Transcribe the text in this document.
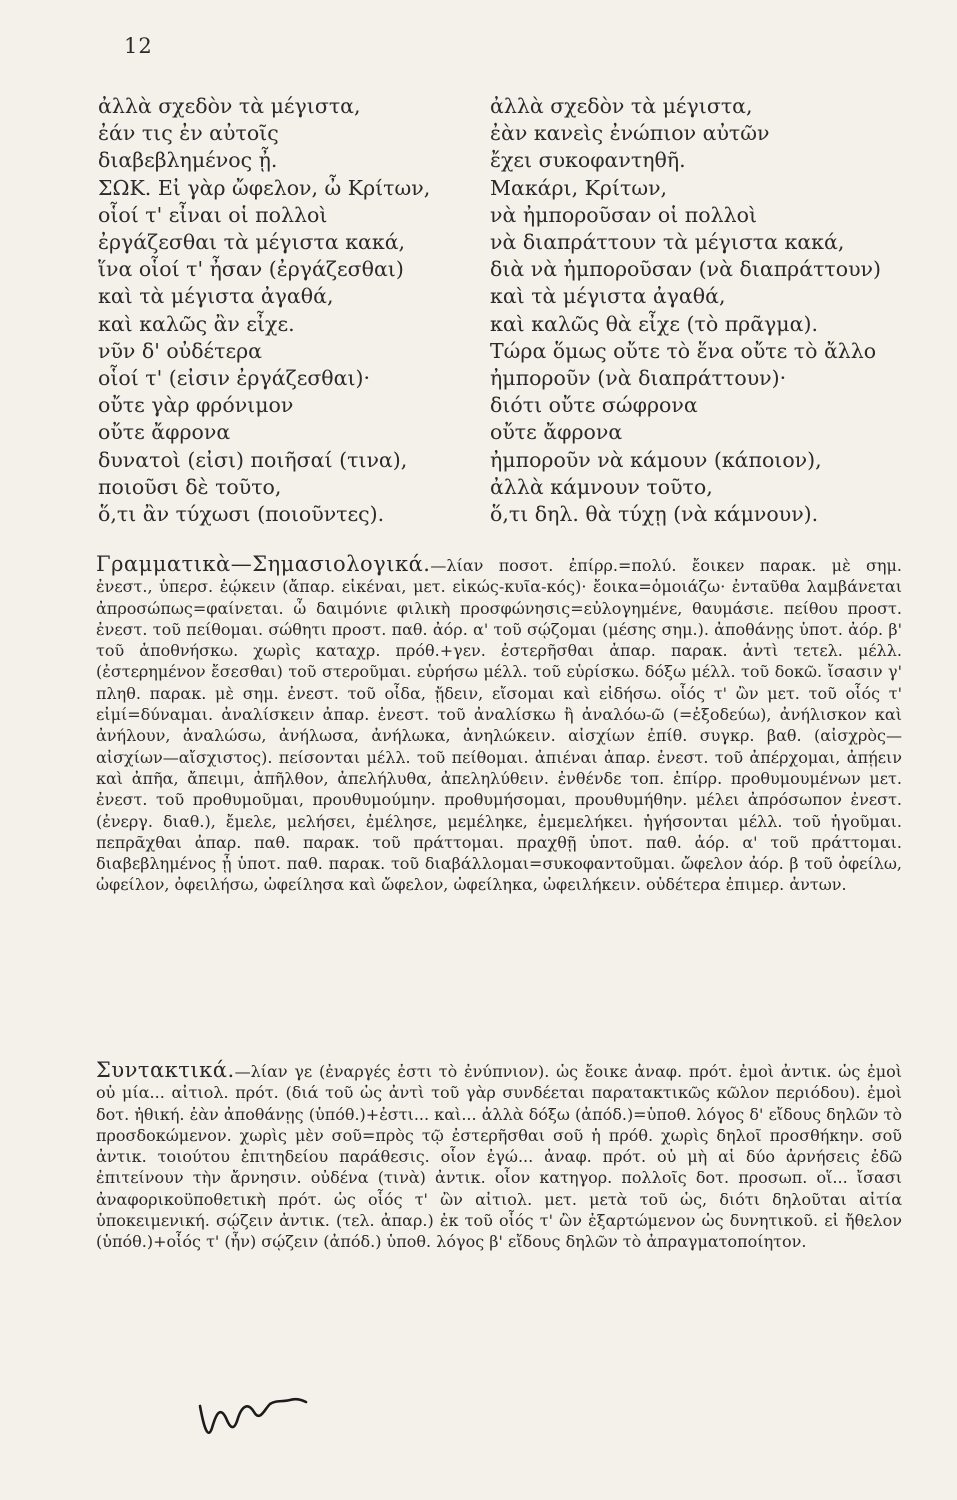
12
ἀλλὰ σχεδὸν τὰ μέγιστα,
ἐάν τις ἐν αὐτοῖς
διαβεβλημένος ᾖ.
ΣΩΚ. Εἰ γὰρ ὤφελον, ὦ Κρίτων,
οἷοί τ' εἶναι οἱ πολλοὶ
ἐργάζεσθαι τὰ μέγιστα κακά,
ἵνα οἷοί τ' ἦσαν (ἐργάζεσθαι)
καὶ τὰ μέγιστα ἀγαθά,
καὶ καλῶς ἂν εἶχε.
νῦν δ' οὐδέτερα
οἷοί τ' (εἰσιν ἐργάζεσθαι)·
οὔτε γὰρ φρόνιμον
οὔτε ἄφρονα
δυνατοὶ (εἰσι) ποιῆσαί (τινα),
ποιοῦσι δὲ τοῦτο,
ὅ,τι ἂν τύχωσι (ποιοῦντες).
ἀλλὰ σχεδὸν τὰ μέγιστα,
ἐὰν κανεὶς ἐνώπιον αὐτῶν
ἔχει συκοφαντηθῆ.
Μακάρι, Κρίτων,
νὰ ἠμποροῦσαν οἱ πολλοὶ
νὰ διαπράττουν τὰ μέγιστα κακά,
διὰ νὰ ἠμποροῦσαν (νὰ διαπράττουν)
καὶ τὰ μέγιστα ἀγαθά,
καὶ καλῶς θὰ εἶχε (τὸ πρᾶγμα).
Τώρα ὅμως οὔτε τὸ ἕνα οὔτε τὸ ἄλλο
ἠμποροῦν (νὰ διαπράττουν)·
διότι οὔτε σώφρονα
οὔτε ἄφρονα
ἠμποροῦν νὰ κάμουν (κάποιον),
ἀλλὰ κάμνουν τοῦτο,
ὅ,τι δηλ. θὰ τύχῃ (νὰ κάμνουν).

Γραμματικὰ—Σημασιολογικά.—λίαν ποσοτ. ἐπίρρ.=πολύ. ἔοικεν παρακ. μὲ σημ. ἐνεστ., ὑπερσ. ἐῴκειν (ἄπαρ. εἰκέναι, μετ. εἰκώς-κυῖα-κός)· ἔοικα=ὁμοιάζω· ἐνταῦθα λαμβάνεται ἀπροσώπως=φαίνεται. ὦ δαιμόνιε φιλικὴ προσφώνησις=εὐλογημένε, θαυμάσιε. πείθου προστ. ἐνεστ. τοῦ πείθομαι. σώθητι προστ. παθ. ἀόρ. α' τοῦ σῴζομαι (μέσης σημ.). ἀποθάνῃς ὑποτ. ἀόρ. β' τοῦ ἀποθνήσκω. χωρὶς καταχρ. πρόθ.+γεν. ἐστερῆσθαι ἀπαρ. παρακ. ἀντὶ τετελ. μέλλ. (ἐστερημένον ἔσεσθαι) τοῦ στεροῦμαι. εὑρήσω μέλλ. τοῦ εὑρίσκω. δόξω μέλλ. τοῦ δοκῶ. ἴσασιν γ' πληθ. παρακ. μὲ σημ. ἐνεστ. τοῦ οἶδα, ᾔδειν, εἴσομαι καὶ εἰδήσω. οἷός τ' ὢν μετ. τοῦ οἷός τ' εἰμί=δύναμαι. ἀναλίσκειν ἀπαρ. ἐνεστ. τοῦ ἀναλίσκω ἢ ἀναλόω-ῶ (=ἐξοδεύω), ἀνήλισκον καὶ ἀνήλουν, ἀναλώσω, ἀνήλωσα, ἀνήλωκα, ἀνηλώκειν. αἰσχίων ἐπίθ. συγκρ. βαθ. (αἰσχρὸς—αἰσχίων—αἴσχιστος). πείσονται μέλλ. τοῦ πείθομαι. ἀπιέναι ἀπαρ. ἐνεστ. τοῦ ἀπέρχομαι, ἀπῄειν καὶ ἀπῆα, ἄπειμι, ἀπῆλθον, ἀπελήλυθα, ἀπεληλύθειν. ἐνθένδε τοπ. ἐπίρρ. προθυμουμένων μετ. ἐνεστ. τοῦ προθυμοῦμαι, προυθυμούμην. προθυμήσομαι, προυθυμήθην. μέλει ἀπρόσωπον ἐνεστ. (ἐνεργ. διαθ.), ἔμελε, μελήσει, ἐμέλησε, μεμέληκε, ἐμεμελήκει. ἡγήσονται μέλλ. τοῦ ἡγοῦμαι. πεπρᾶχθαι ἀπαρ. παθ. παρακ. τοῦ πράττομαι. πραχθῇ ὑποτ. παθ. ἀόρ. α' τοῦ πράττομαι. διαβεβλημένος ᾖ ὑποτ. παθ. παρακ. τοῦ διαβάλλομαι=συκοφαντοῦμαι. ὤφελον ἀόρ. β τοῦ ὀφείλω, ὠφείλον, ὀφειλήσω, ὠφείλησα καὶ ὤφελον, ὠφείληκα, ὠφειλήκειν. οὐδέτερα ἐπιμερ. ἀντων.

Συντακτικά.—λίαν γε (ἐναργές ἐστι τὸ ἐνύπνιον). ὡς ἔοικε ἀναφ. πρότ. ἐμοὶ ἀντικ. ὡς ἐμοὶ οὐ μία... αἰτιολ. πρότ. (διά τοῦ ὡς ἀντὶ τοῦ γὰρ συνδέεται παρατακτικῶς κῶλον περιόδου). ἐμοὶ δοτ. ἠθική. ἐὰν ἀποθάνῃς (ὑπόθ.)+ἐστι... καὶ... ἀλλὰ δόξω (ἀπόδ.)=ὑποθ. λόγος δ' εἴδους δηλῶν τὸ προσδοκώμενον. χωρὶς μὲν σοῦ=πρὸς τῷ ἐστερῆσθαι σοῦ ἡ πρόθ. χωρὶς δηλοῖ προσθήκην. σοῦ ἀντικ. τοιούτου ἐπιτηδείου παράθεσις. οἷον ἐγώ... ἀναφ. πρότ. οὐ μὴ αἱ δύο ἀρνήσεις ἐδῶ ἐπιτείνουν τὴν ἄρνησιν. οὐδένα (τινὰ) ἀντικ. οἷον κατηγορ. πολλοῖς δοτ. προσωπ. οἵ... ἴσασι ἀναφορικοϋποθετικὴ πρότ. ὡς οἷός τ' ὢν αἰτιολ. μετ. μετὰ τοῦ ὡς, διότι δηλοῦται αἰτία ὑποκειμενική. σῴζειν ἀντικ. (τελ. ἀπαρ.) ἐκ τοῦ οἷός τ' ὢν ἐξαρτώμενον ὡς δυνητικοῦ. εἰ ἤθελον (ὑπόθ.)+οἷός τ' (ἦν) σῴζειν (ἀπόδ.) ὑποθ. λόγος β' εἴδους δηλῶν τὸ ἀπραγματοποίητον.
